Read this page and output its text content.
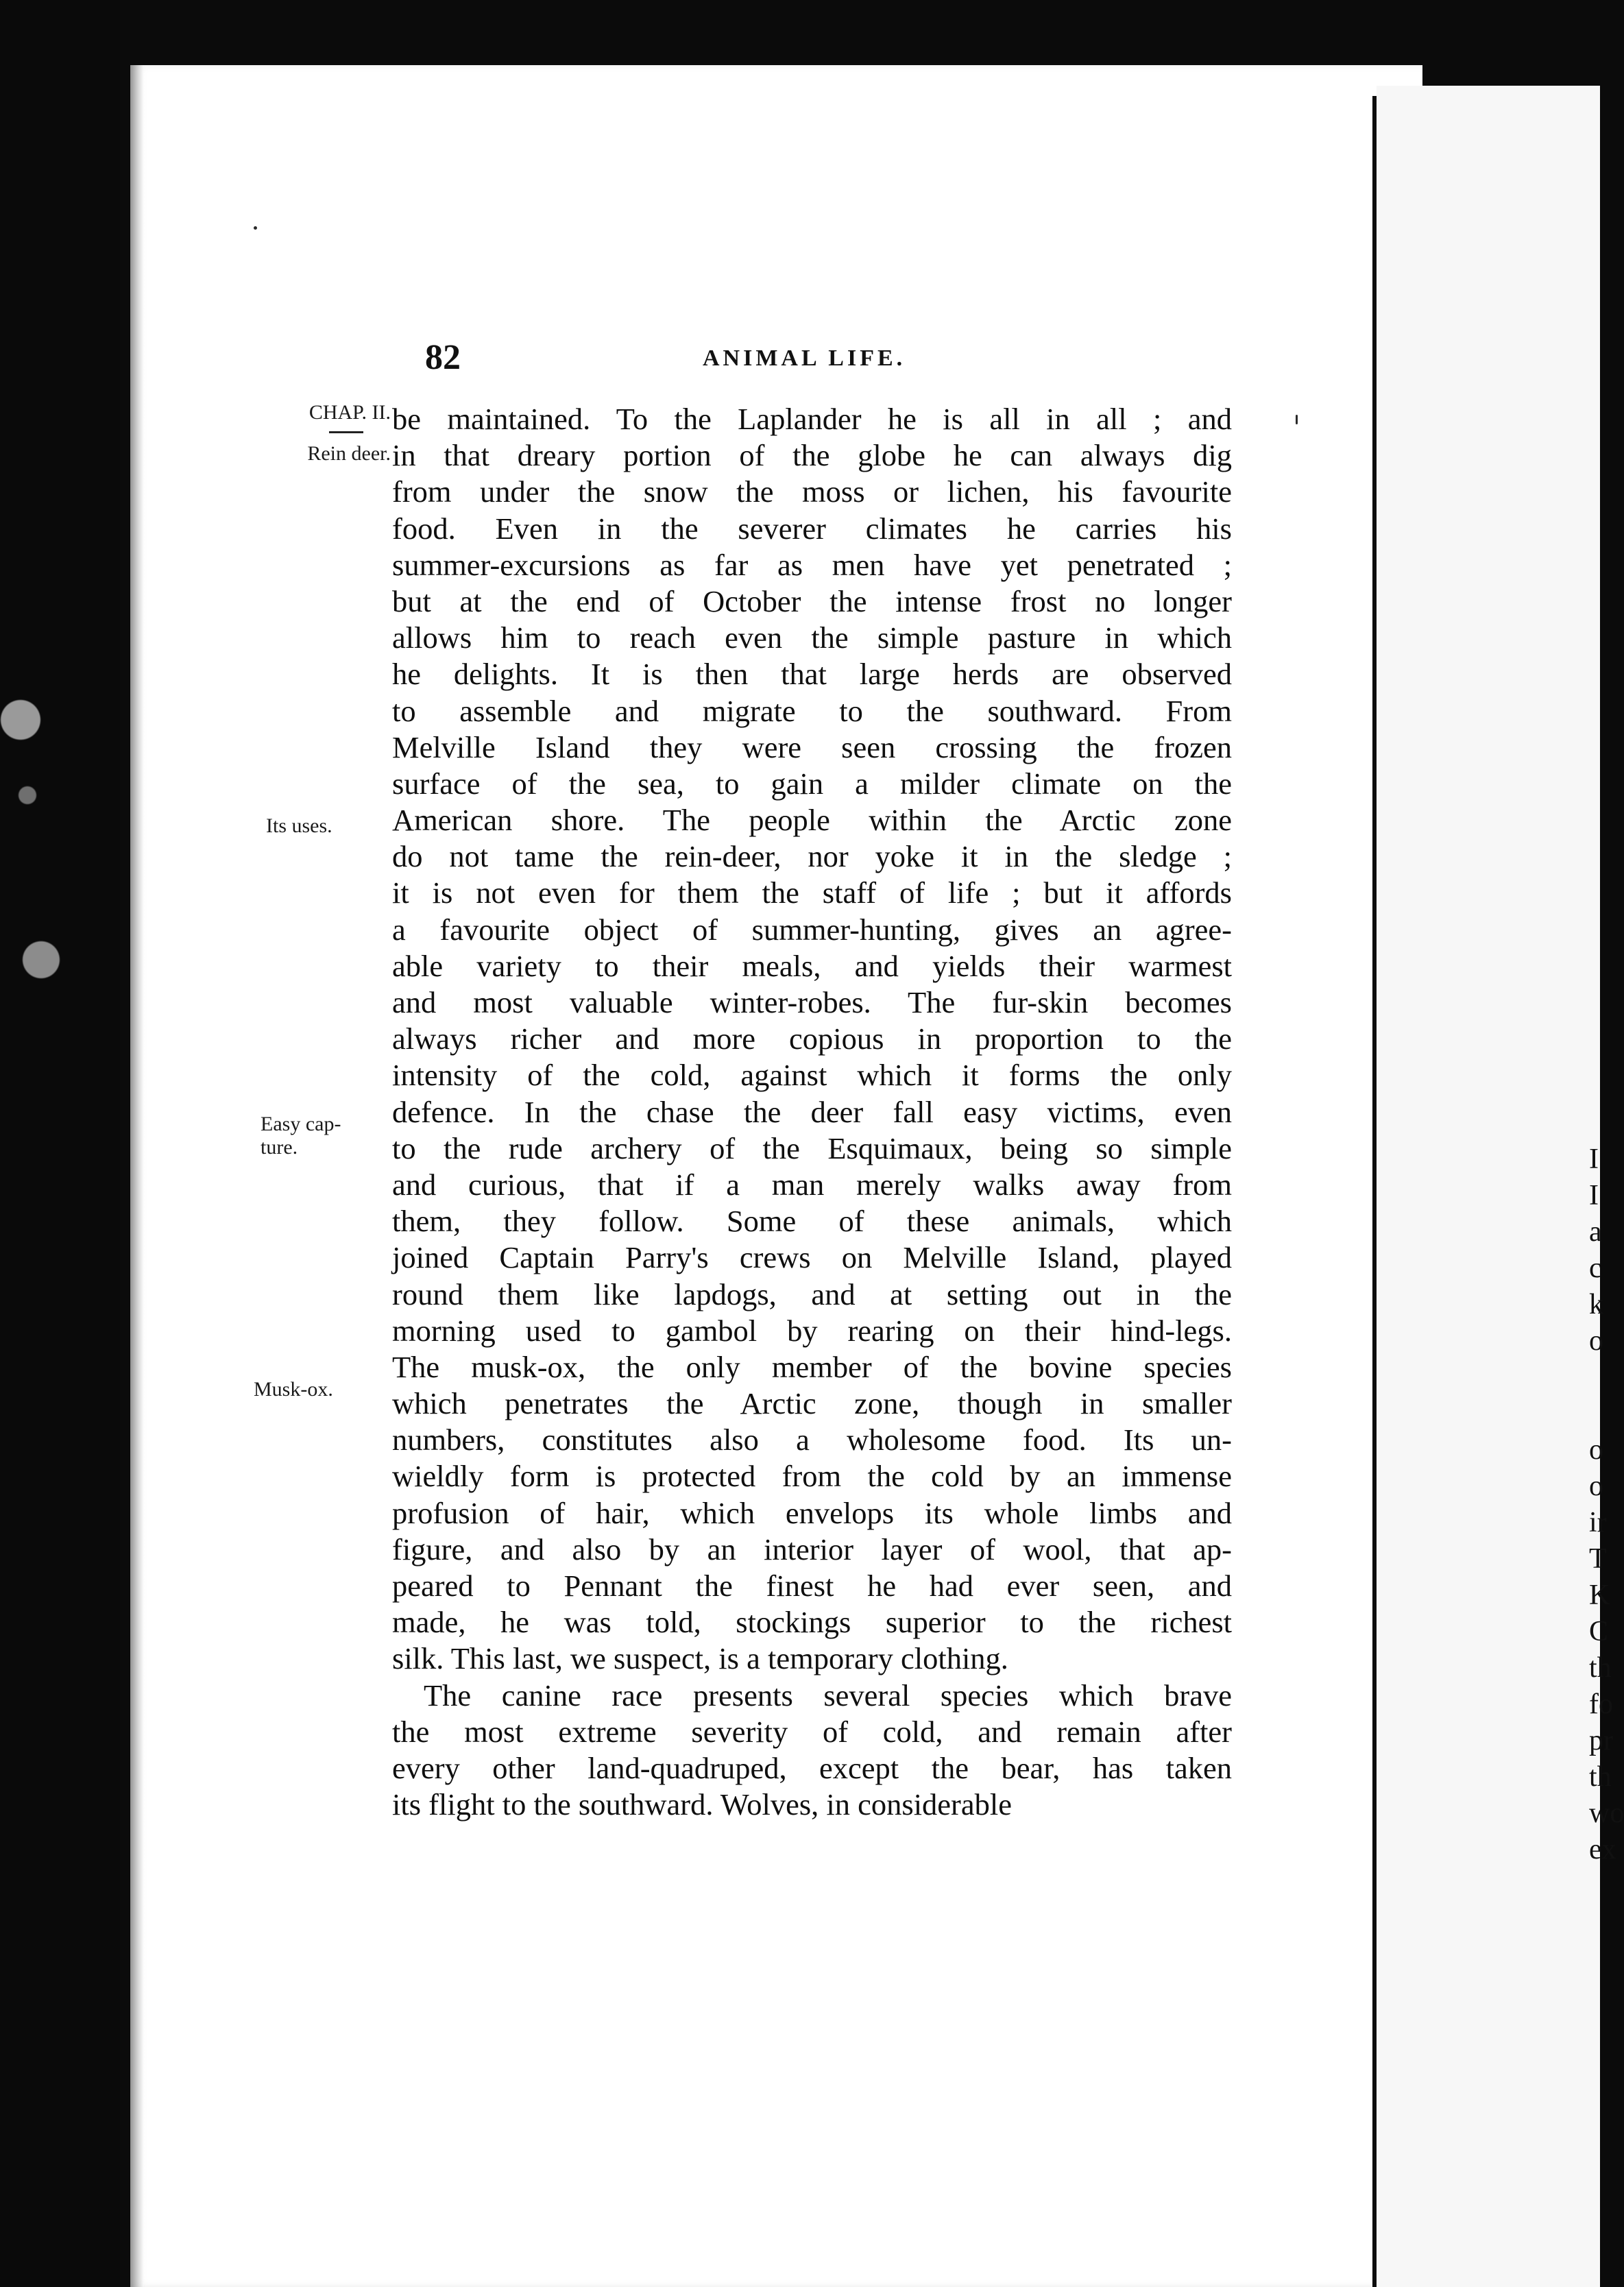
I
I
a
c
k
o
o
o
ir
T
K
C
th
fo
pr
th
wo
ex
82	ANIMAL LIFE.
CHAP. II.
Rein deer.
Its uses.
Easy cap-
ture.
Musk-ox.
be maintained. To the Laplander he is all in all ; and
in that dreary portion of the globe he can always dig
from under the snow the moss or lichen, his favourite
food. Even in the severer climates he carries his
summer-excursions as far as men have yet penetrated ;
but at the end of October the intense frost no longer
allows him to reach even the simple pasture in which
he delights. It is then that large herds are observed
to assemble and migrate to the southward. From
Melville Island they were seen crossing the frozen
surface of the sea, to gain a milder climate on the
American shore. The people within the Arctic zone
do not tame the rein-deer, nor yoke it in the sledge ;
it is not even for them the staff of life ; but it affords
a favourite object of summer-hunting, gives an agree-
able variety to their meals, and yields their warmest
and most valuable winter-robes. The fur-skin becomes
always richer and more copious in proportion to the
intensity of the cold, against which it forms the only
defence. In the chase the deer fall easy victims, even
to the rude archery of the Esquimaux, being so simple
and curious, that if a man merely walks away from
them, they follow. Some of these animals, which
joined Captain Parry's crews on Melville Island, played
round them like lapdogs, and at setting out in the
morning used to gambol by rearing on their hind-legs.
The musk-ox, the only member of the bovine species
which penetrates the Arctic zone, though in smaller
numbers, constitutes also a wholesome food. Its un-
wieldly form is protected from the cold by an immense
profusion of hair, which envelops its whole limbs and
figure, and also by an interior layer of wool, that ap-
peared to Pennant the finest he had ever seen, and
made, he was told, stockings superior to the richest
silk. This last, we suspect, is a temporary clothing.
The canine race presents several species which brave
the most extreme severity of cold, and remain after
every other land-quadruped, except the bear, has taken
its flight to the southward. Wolves, in considerable
